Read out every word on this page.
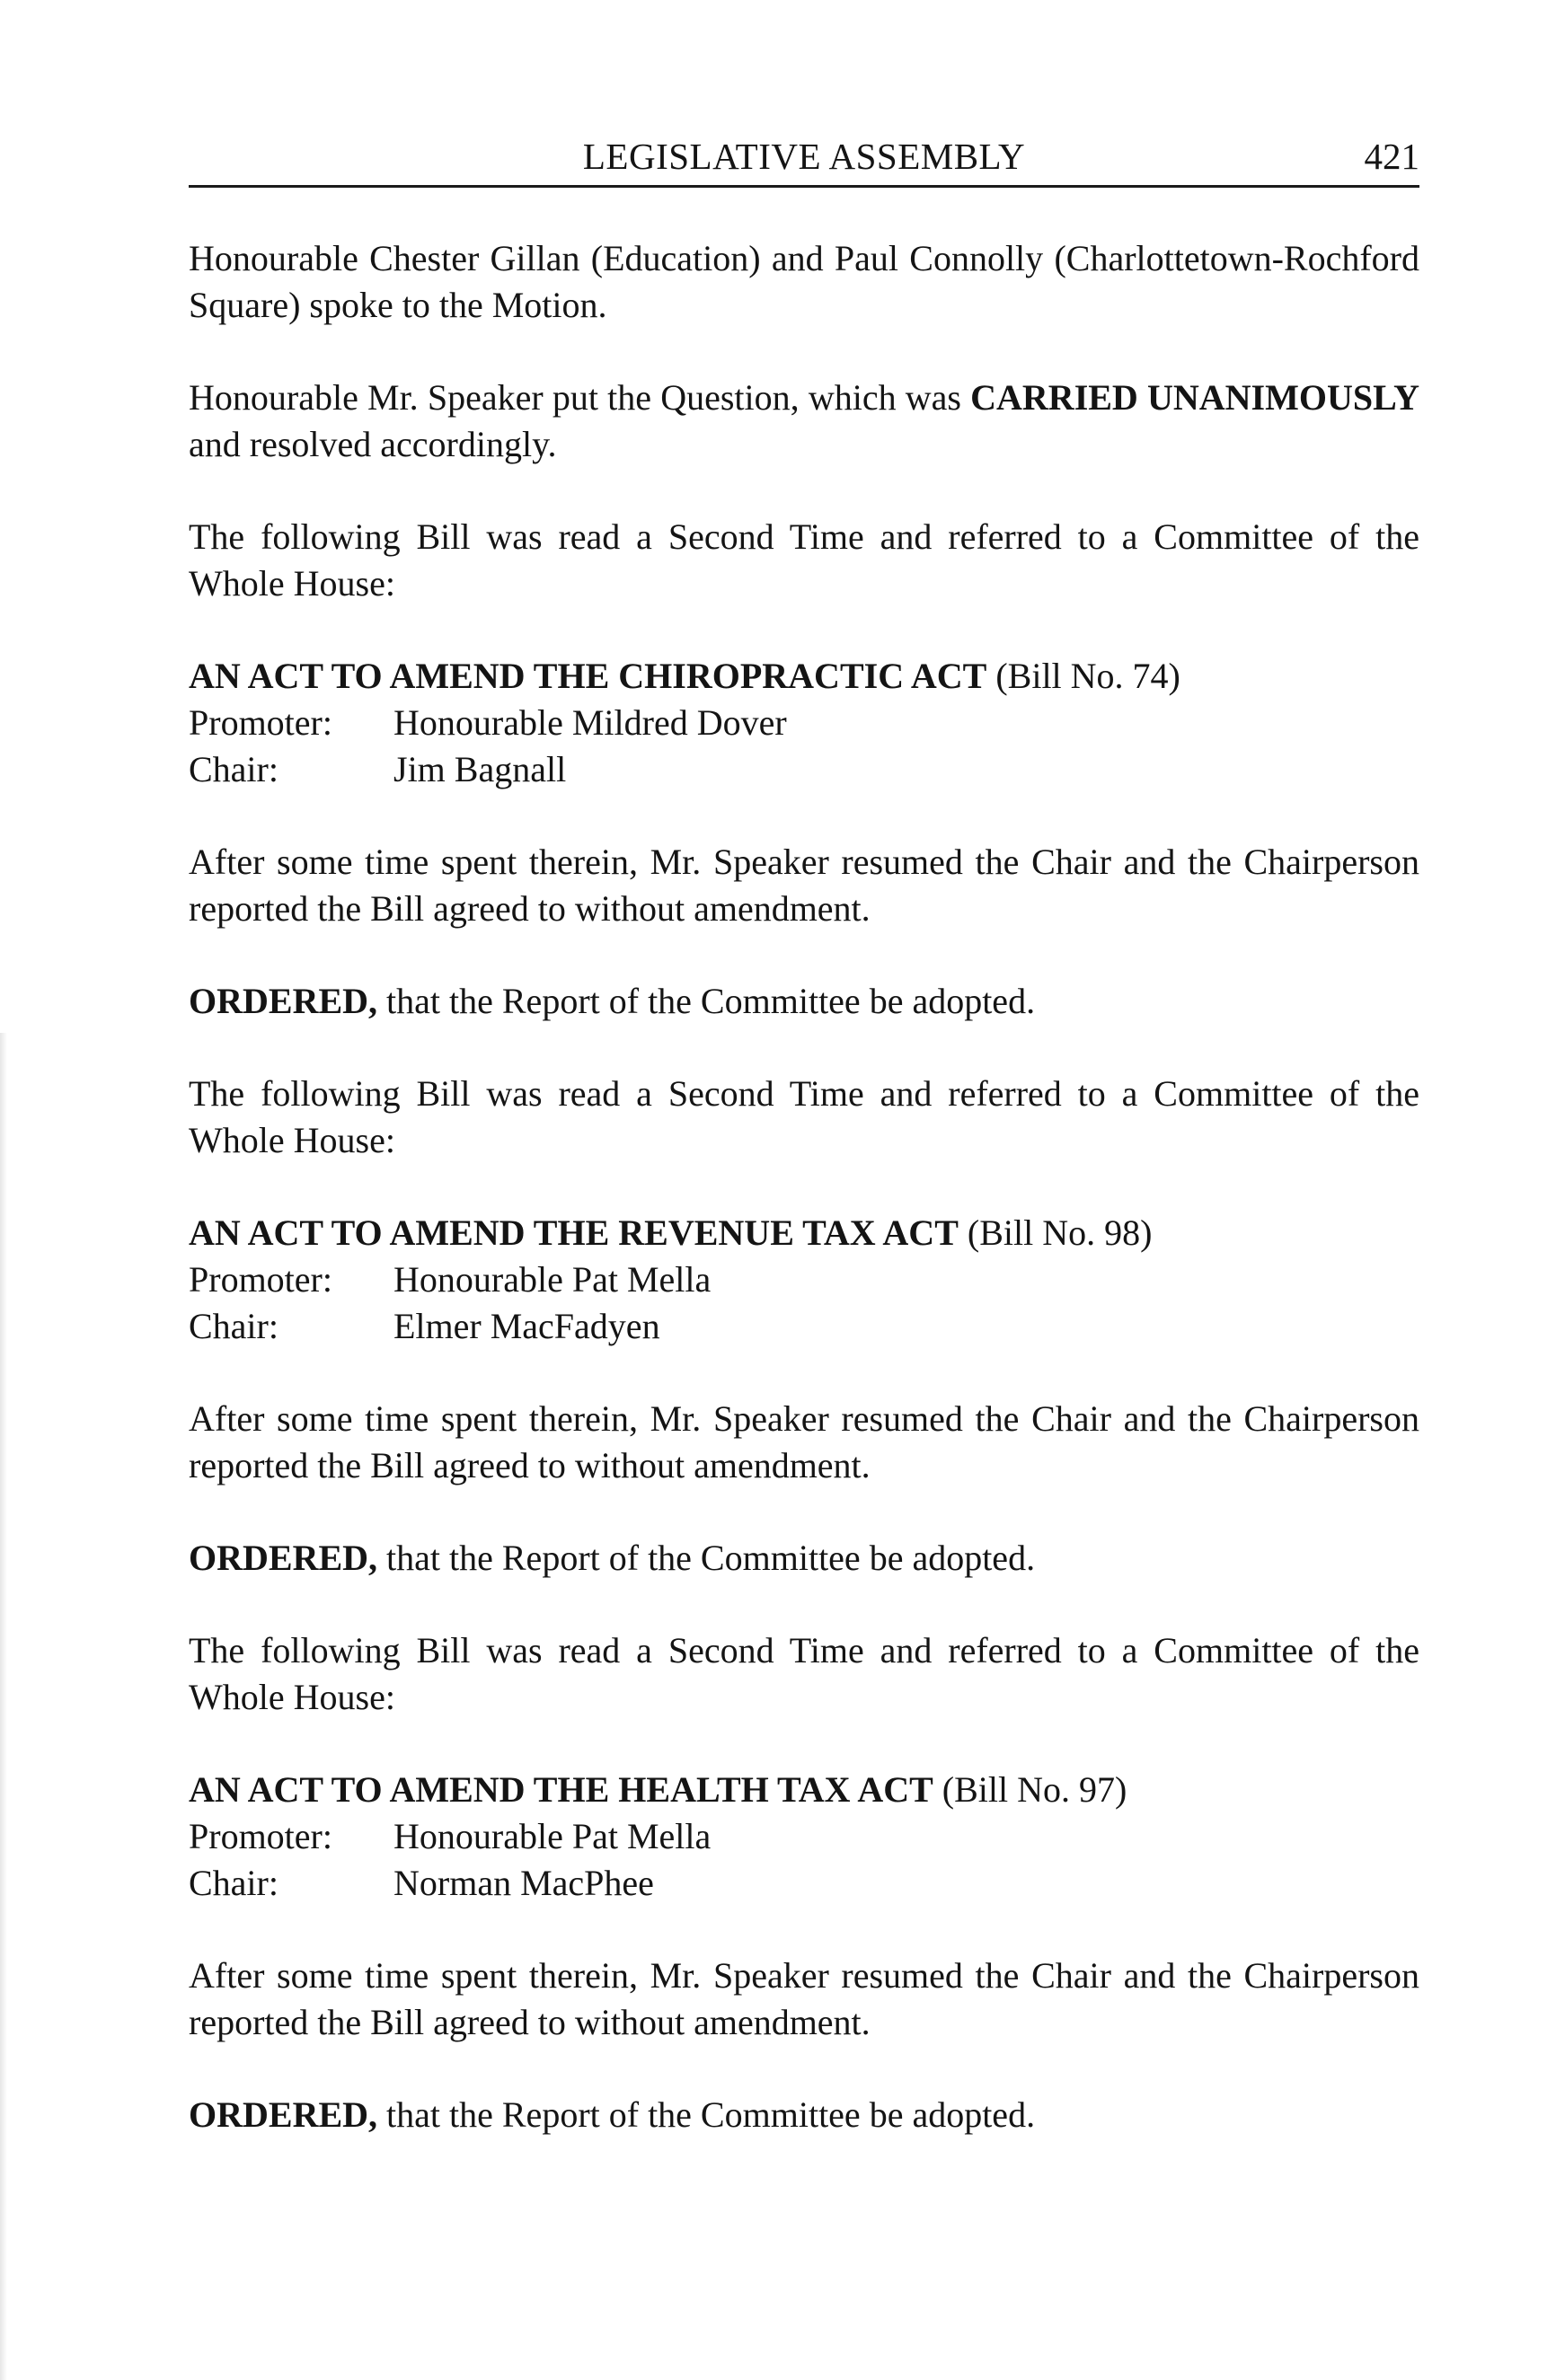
LEGISLATIVE ASSEMBLY	421

Honourable Chester Gillan (Education) and Paul Connolly (Charlottetown-Rochford Square) spoke to the Motion.

Honourable Mr. Speaker put the Question, which was CARRIED UNANIMOUSLY and resolved accordingly.

The following Bill was read a Second Time and referred to a Committee of the Whole House:

AN ACT TO AMEND THE CHIROPRACTIC ACT (Bill No. 74)
Promoter:	Honourable Mildred Dover
Chair:	Jim Bagnall

After some time spent therein, Mr. Speaker resumed the Chair and the Chairperson reported the Bill agreed to without amendment.

ORDERED, that the Report of the Committee be adopted.

The following Bill was read a Second Time and referred to a Committee of the Whole House:

AN ACT TO AMEND THE REVENUE TAX ACT (Bill No. 98)
Promoter:	Honourable Pat Mella
Chair:	Elmer MacFadyen

After some time spent therein, Mr. Speaker resumed the Chair and the Chairperson reported the Bill agreed to without amendment.

ORDERED, that the Report of the Committee be adopted.

The following Bill was read a Second Time and referred to a Committee of the Whole House:

AN ACT TO AMEND THE HEALTH TAX ACT (Bill No. 97)
Promoter:	Honourable Pat Mella
Chair:	Norman MacPhee

After some time spent therein, Mr. Speaker resumed the Chair and the Chairperson reported the Bill agreed to without amendment.

ORDERED, that the Report of the Committee be adopted.
